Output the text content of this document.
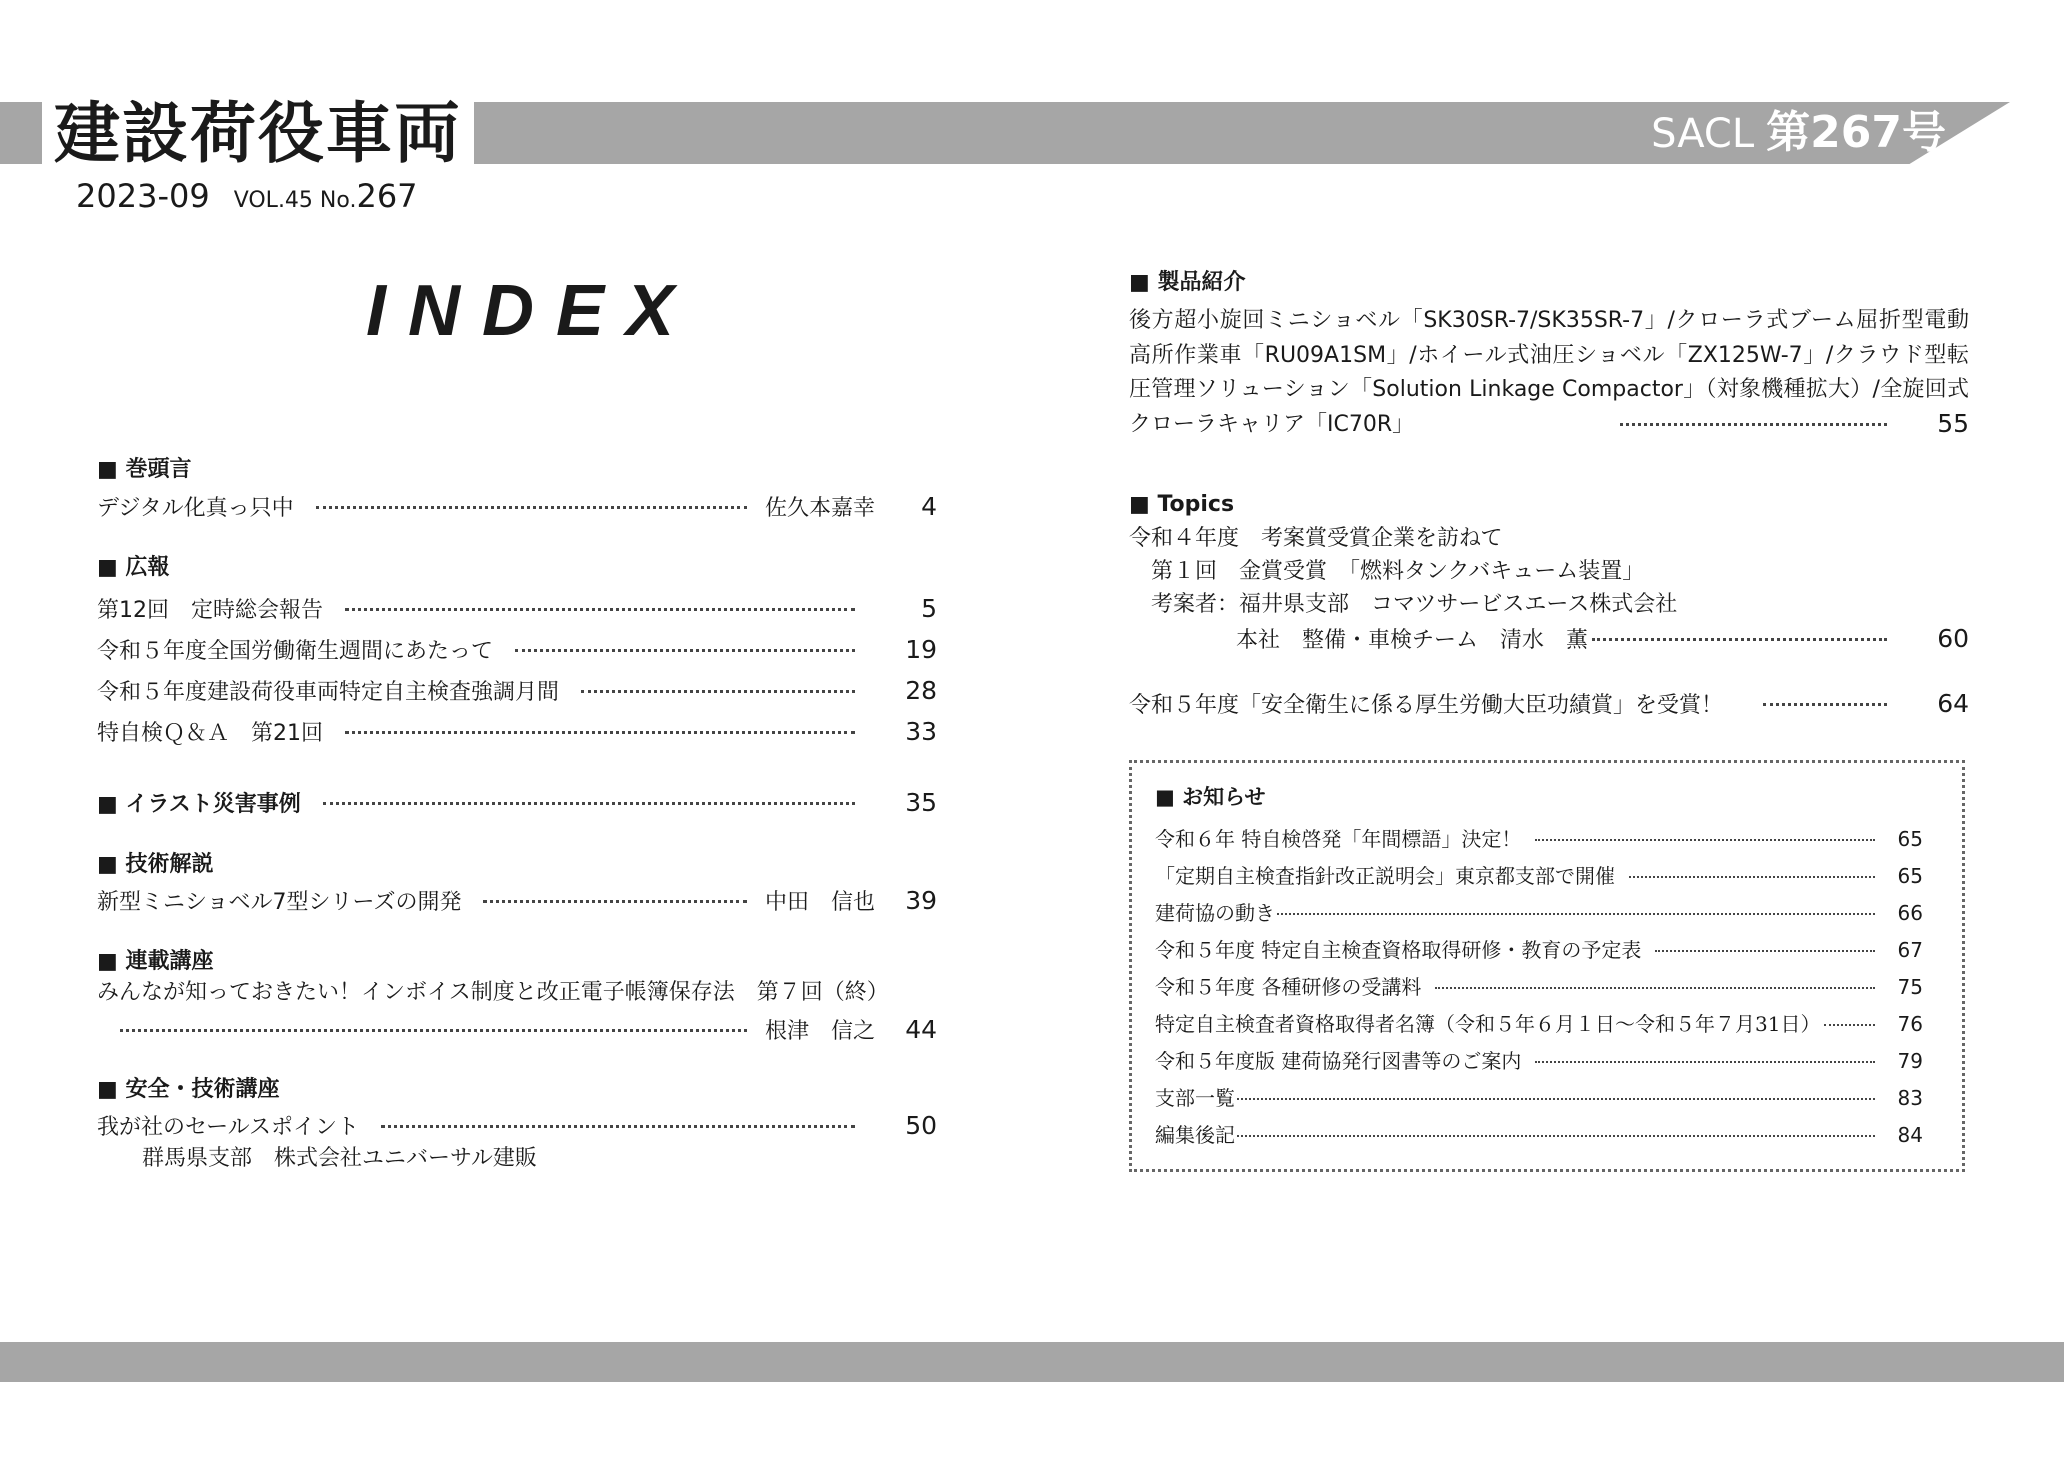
建設荷役車両	SACL 第267号
2023-09 VOL.45 No.267
INDEX
■ 巻頭言
デジタル化真っ只中	佐久本嘉幸	4
■ 広報
第12回　定時総会報告	5
令和５年度全国労働衛生週間にあたって	19
令和５年度建設荷役車両特定自主検査強調月間	28
特自検Ｑ＆Ａ　第21回	33
■ イラスト災害事例	35
■ 技術解説
新型ミニショベル7型シリーズの開発	中田　信也	39
■ 連載講座
みんなが知っておきたい！インボイス制度と改正電子帳簿保存法　第７回（終）
根津　信之	44
■ 安全・技術講座
我が社のセールスポイント	50
群馬県支部　株式会社ユニバーサル建販
■ 製品紹介
後方超小旋回ミニショベル「SK30SR-7/SK35SR-7」/クローラ式ブーム屈折型電動高所作業車「RU09A1SM」/ホイール式油圧ショベル「ZX125W-7」/クラウド型転圧管理ソリューション「Solution Linkage Compactor」（対象機種拡大）/全旋回式クローラキャリア「IC70R」	55
■ Topics
令和４年度　考案賞受賞企業を訪ねて
第１回　金賞受賞　「燃料タンクバキューム装置」
考案者：福井県支部　コマツサービスエース株式会社
本社　整備・車検チーム　清水　薫	60
令和５年度「安全衛生に係る厚生労働大臣功績賞」を受賞！	64
■ お知らせ
令和６年 特自検啓発「年間標語」決定！	65
「定期自主検査指針改正説明会」東京都支部で開催	65
建荷協の動き	66
令和５年度 特定自主検査資格取得研修・教育の予定表	67
令和５年度 各種研修の受講料	75
特定自主検査者資格取得者名簿（令和５年６月１日～令和５年７月31日）	76
令和５年度版 建荷協発行図書等のご案内	79
支部一覧	83
編集後記	84
